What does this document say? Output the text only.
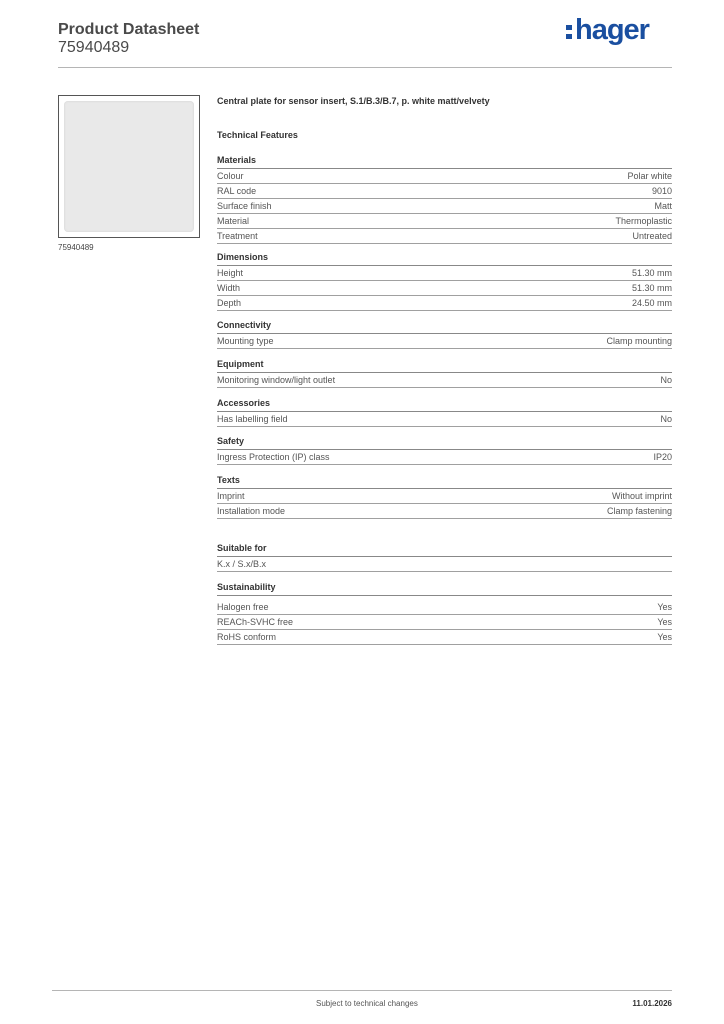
Product Datasheet
75940489
hager
75940489
Central plate for sensor insert, S.1/B.3/B.7, p. white matt/velvety
Technical Features
Materials
Colour	Polar white
RAL code	9010
Surface finish	Matt
Material	Thermoplastic
Treatment	Untreated
Dimensions
Height	51.30 mm
Width	51.30 mm
Depth	24.50 mm
Connectivity
Mounting type	Clamp mounting
Equipment
Monitoring window/light outlet	No
Accessories
Has labelling field	No
Safety
Ingress Protection (IP) class	IP20
Texts
Imprint	Without imprint
Installation mode	Clamp fastening
Suitable for
K.x / S.x/B.x
Sustainability
Halogen free	Yes
REACh-SVHC free	Yes
RoHS conform	Yes
Subject to technical changes	11.01.2026
